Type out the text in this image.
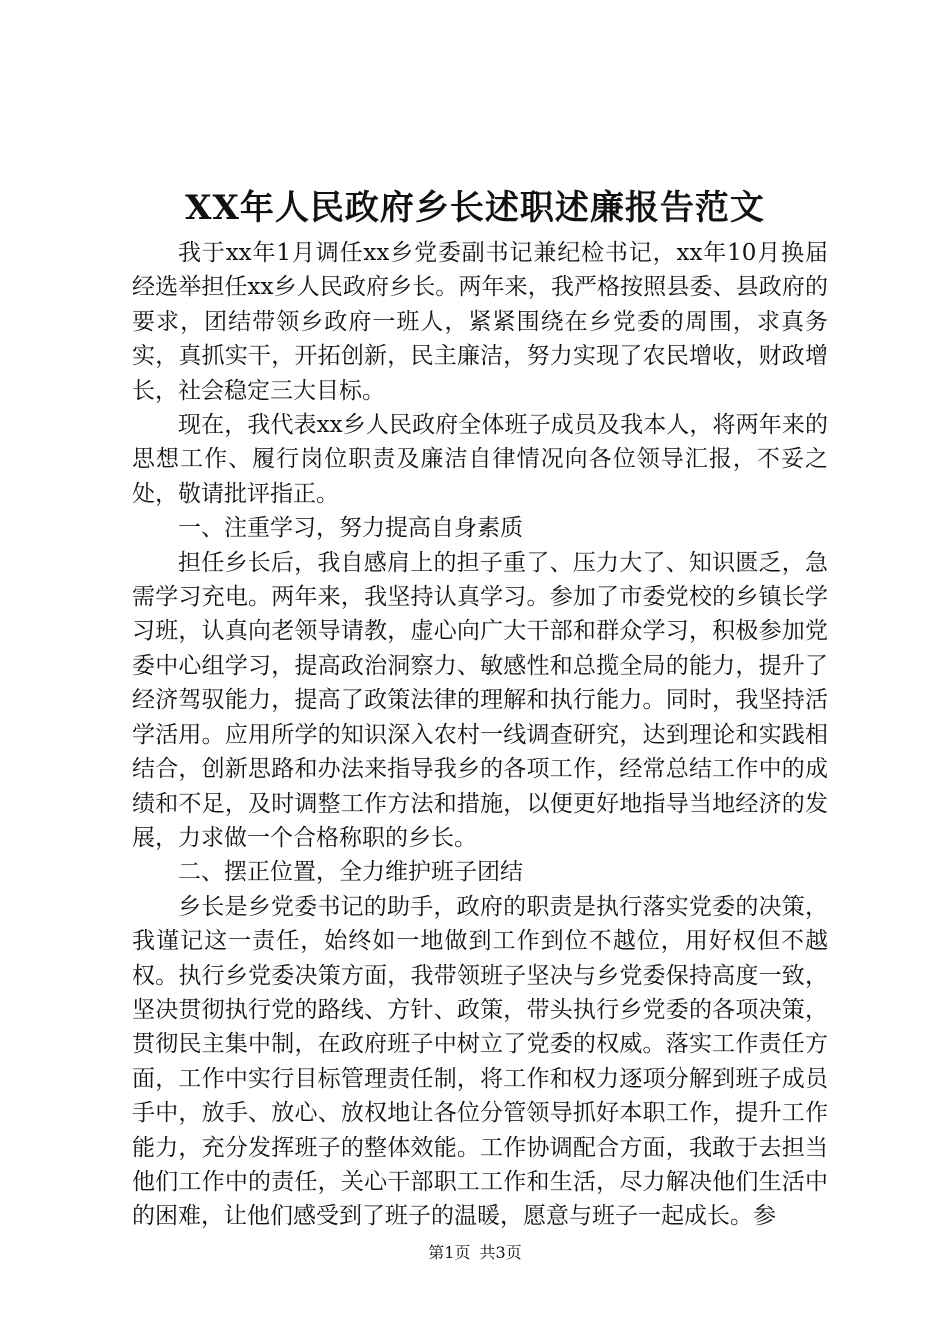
XX年人民政府乡长述职述廉报告范文

我于xx年1月调任xx乡党委副书记兼纪检书记，xx年10月换届经选举担任xx乡人民政府乡长。两年来，我严格按照县委、县政府的要求，团结带领乡政府一班人，紧紧围绕在乡党委的周围，求真务实，真抓实干，开拓创新，民主廉洁，努力实现了农民增收，财政增长，社会稳定三大目标。

现在，我代表xx乡人民政府全体班子成员及我本人，将两年来的思想工作、履行岗位职责及廉洁自律情况向各位领导汇报，不妥之处，敬请批评指正。

一、注重学习，努力提高自身素质

担任乡长后，我自感肩上的担子重了、压力大了、知识匮乏，急需学习充电。两年来，我坚持认真学习。参加了市委党校的乡镇长学习班，认真向老领导请教，虚心向广大干部和群众学习，积极参加党委中心组学习，提高政治洞察力、敏感性和总揽全局的能力，提升了经济驾驭能力，提高了政策法律的理解和执行能力。同时，我坚持活学活用。应用所学的知识深入农村一线调查研究，达到理论和实践相结合，创新思路和办法来指导我乡的各项工作，经常总结工作中的成绩和不足，及时调整工作方法和措施，以便更好地指导当地经济的发展，力求做一个合格称职的乡长。

二、摆正位置，全力维护班子团结

乡长是乡党委书记的助手，政府的职责是执行落实党委的决策，我谨记这一责任，始终如一地做到工作到位不越位，用好权但不越权。执行乡党委决策方面，我带领班子坚决与乡党委保持高度一致，坚决贯彻执行党的路线、方针、政策，带头执行乡党委的各项决策，贯彻民主集中制，在政府班子中树立了党委的权威。落实工作责任方面，工作中实行目标管理责任制，将工作和权力逐项分解到班子成员手中，放手、放心、放权地让各位分管领导抓好本职工作，提升工作能力，充分发挥班子的整体效能。工作协调配合方面，我敢于去担当他们工作中的责任，关心干部职工工作和生活，尽力解决他们生活中的困难，让他们感受到了班子的温暖，愿意与班子一起成长。参

第1页 共3页
